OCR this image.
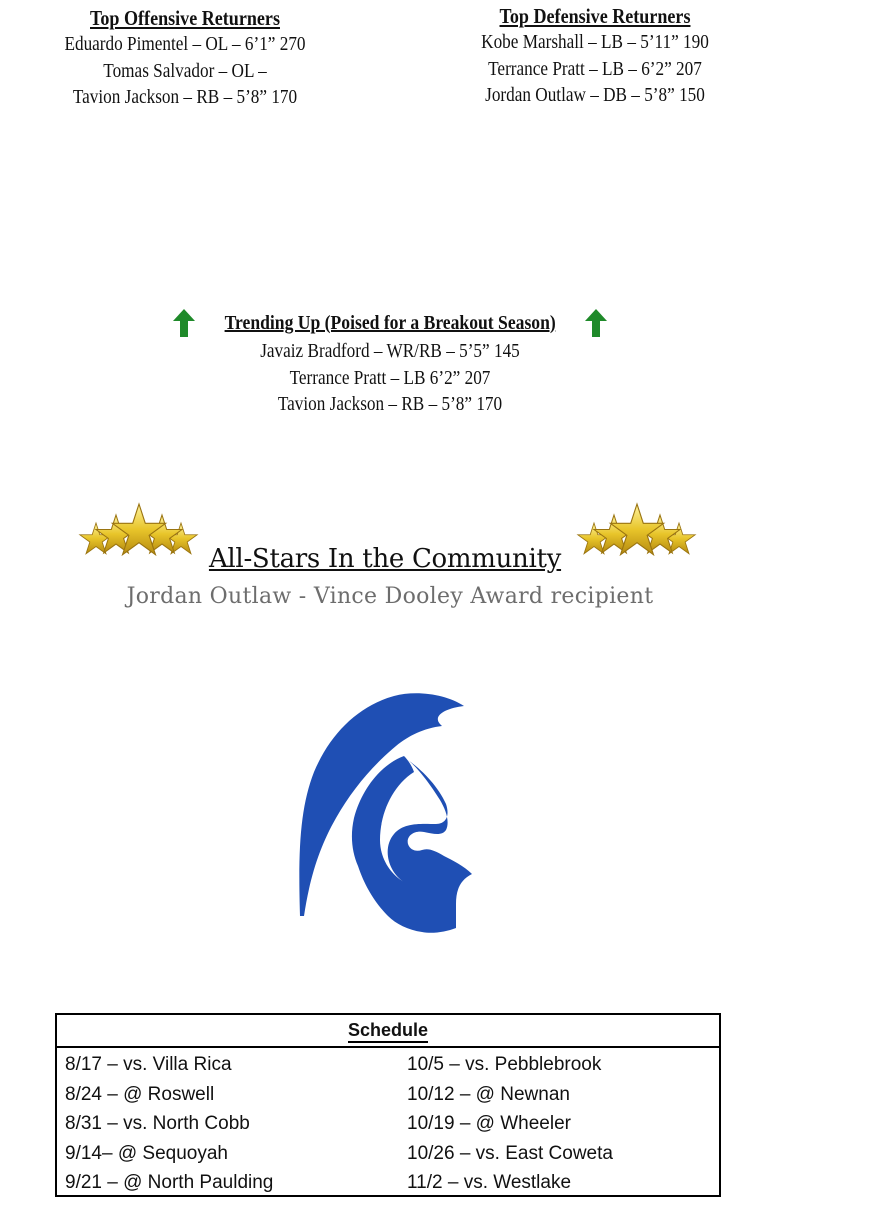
Top Offensive Returners
Eduardo Pimentel – OL – 6’1” 270
Tomas Salvador – OL –
Tavion Jackson – RB – 5’8” 170
Top Defensive Returners
Kobe Marshall – LB – 5’11” 190
Terrance Pratt – LB – 6’2” 207
Jordan Outlaw – DB – 5’8” 150
Trending Up (Poised for a Breakout Season)
Javaiz Bradford – WR/RB – 5’5” 145
Terrance Pratt – LB 6’2” 207
Tavion Jackson – RB – 5’8” 170
All-Stars In the Community
Jordan Outlaw - Vince Dooley Award recipient
Schedule
8/17 – vs. Villa Rica	10/5 – vs. Pebblebrook
8/24 – @ Roswell	10/12 – @ Newnan
8/31 – vs. North Cobb	10/19 – @ Wheeler
9/14– @ Sequoyah	10/26 – vs. East Coweta
9/21 – @ North Paulding	11/2 – vs. Westlake
